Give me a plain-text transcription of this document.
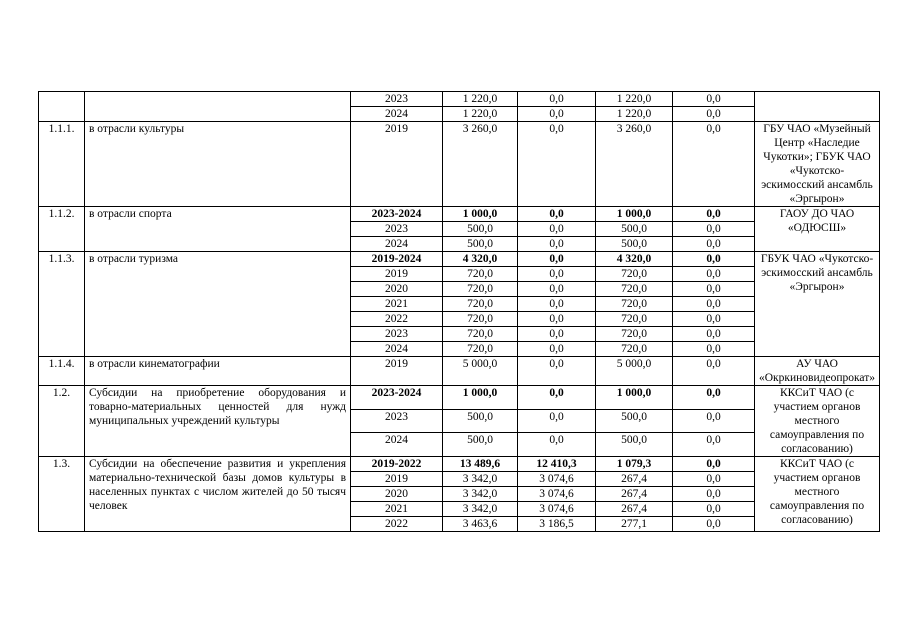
		2023	1 220,0	0,0	1 220,0	0,0	
		2024	1 220,0	0,0	1 220,0	0,0	
1.1.1.	в отрасли культуры	2019	3 260,0	0,0	3 260,0	0,0	ГБУ ЧАО «Музейный Центр «Наследие Чукотки»; ГБУК ЧАО «Чукотско-эскимосский ансамбль «Эргырон»
1.1.2.	в отрасли спорта	2023-2024	1 000,0	0,0	1 000,0	0,0	ГАОУ ДО ЧАО «ОДЮСШ»
		2023	500,0	0,0	500,0	0,0	
		2024	500,0	0,0	500,0	0,0	
1.1.3.	в отрасли туризма	2019-2024	4 320,0	0,0	4 320,0	0,0	ГБУК ЧАО «Чукотско-эскимосский ансамбль «Эргырон»
		2019	720,0	0,0	720,0	0,0	
		2020	720,0	0,0	720,0	0,0	
		2021	720,0	0,0	720,0	0,0	
		2022	720,0	0,0	720,0	0,0	
		2023	720,0	0,0	720,0	0,0	
		2024	720,0	0,0	720,0	0,0	
1.1.4.	в отрасли кинематографии	2019	5 000,0	0,0	5 000,0	0,0	АУ ЧАО «Окркиновидеопрокат»
1.2.	Субсидии на приобретение оборудования и товарно-материальных ценностей для нужд муниципальных учреждений культуры	2023-2024	1 000,0	0,0	1 000,0	0,0	ККСиТ ЧАО (с участием органов местного самоуправления по согласованию)
		2023	500,0	0,0	500,0	0,0	
		2024	500,0	0,0	500,0	0,0	
1.3.	Субсидии на обеспечение развития и укрепления материально-технической базы домов культуры в населенных пунктах с числом жителей до 50 тысяч человек	2019-2022	13 489,6	12 410,3	1 079,3	0,0	ККСиТ ЧАО (с участием органов местного самоуправления по согласованию)
		2019	3 342,0	3 074,6	267,4	0,0	
		2020	3 342,0	3 074,6	267,4	0,0	
		2021	3 342,0	3 074,6	267,4	0,0	
		2022	3 463,6	3 186,5	277,1	0,0	
